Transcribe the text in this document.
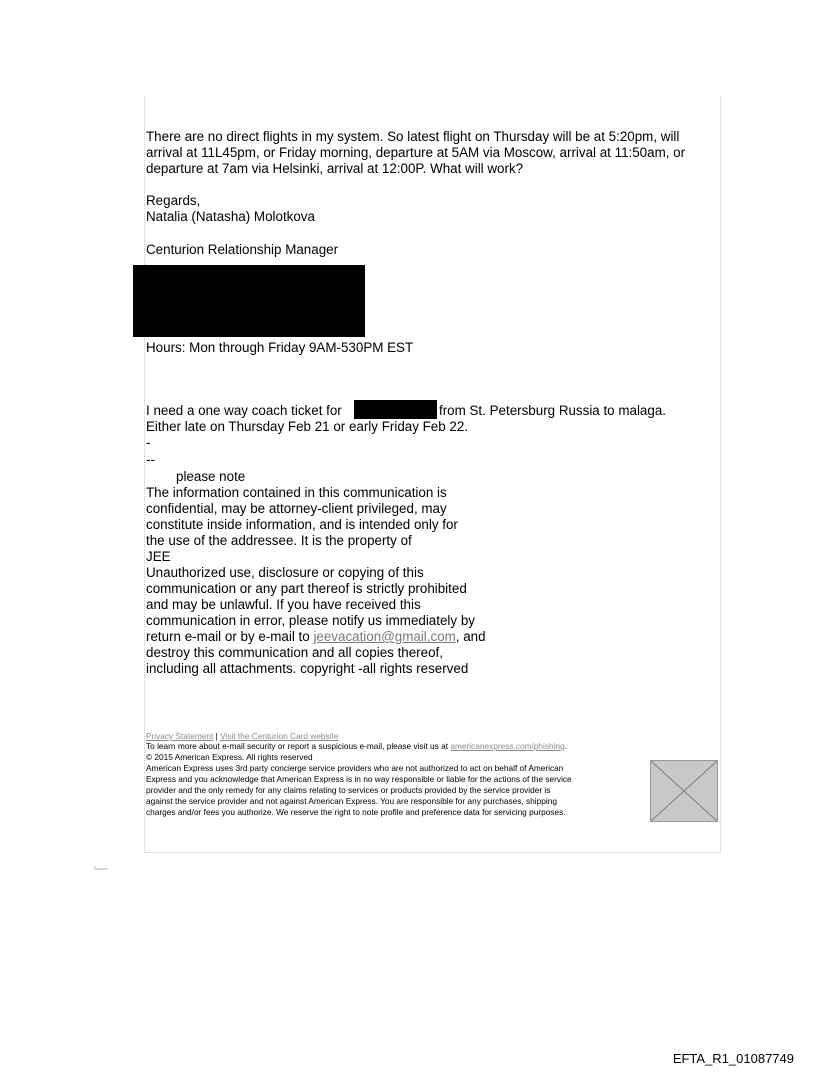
There are no direct flights in my system. So latest flight on Thursday will be at 5:20pm, will
arrival at 11L45pm, or Friday morning, departure at 5AM via Moscow, arrival at 11:50am, or
departure at 7am via Helsinki, arrival at 12:00P. What will work?
Regards,
Natalia (Natasha) Molotkova
Centurion Relationship Manager
Hours: Mon through Friday 9AM-530PM EST
I need a one way coach ticket for	from St. Petersburg Russia to malaga.
Either late on Thursday Feb 21 or early Friday Feb 22.
-
--
please note
The information contained in this communication is
confidential, may be attorney-client privileged, may
constitute inside information, and is intended only for
the use of the addressee. It is the property of
JEE
Unauthorized use, disclosure or copying of this
communication or any part thereof is strictly prohibited
and may be unlawful. If you have received this
communication in error, please notify us immediately by
return e-mail or by e-mail to jeevacation@gmail.com, and
destroy this communication and all copies thereof,
including all attachments. copyright -all rights reserved
Privacy Statement | Visit the Centurion Card website
To learn more about e-mail security or report a suspicious e-mail, please visit us at americanexpress.com/phishing.
© 2015 American Express. All rights reserved
American Express uses 3rd party concierge service providers who are not authorized to act on behalf of American
Express and you acknowledge that American Express is in no way responsible or liable for the actions of the service
provider and the only remedy for any claims relating to services or products provided by the service provider is
against the service provider and not against American Express. You are responsible for any purchases, shipping
charges and/or fees you authorize. We reserve the right to note profile and preference data for servicing purposes.
EFTA_R1_01087749
